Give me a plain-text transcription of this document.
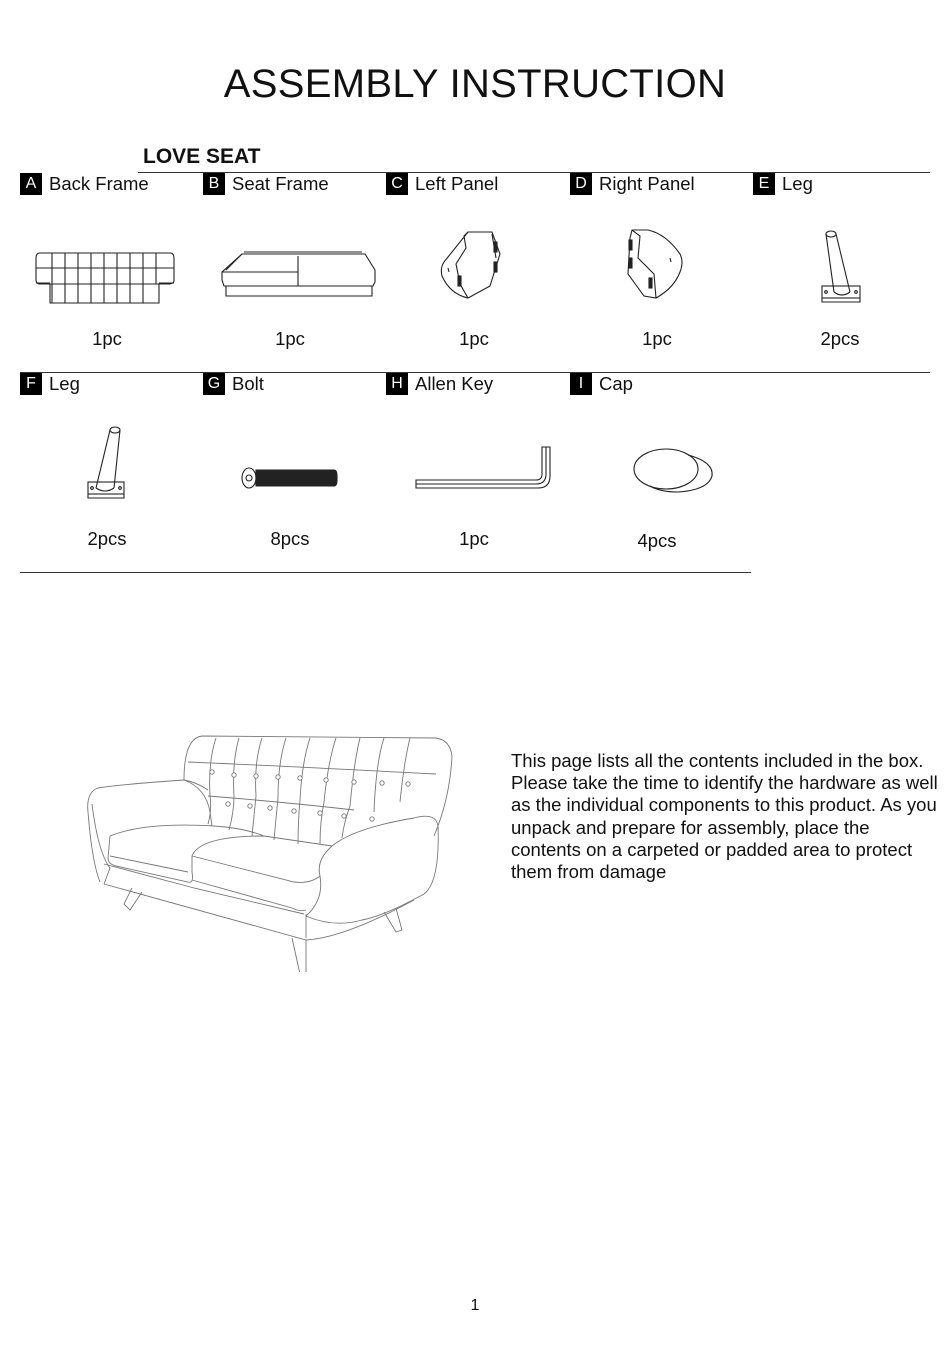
ASSEMBLY INSTRUCTION
LOVE SEAT
A Back Frame
1pc
B Seat Frame
1pc
C Left Panel
1pc
D Right Panel
1pc
E Leg
2pcs
F Leg
2pcs
G Bolt
8pcs
H Allen Key
1pc
I Cap
4pcs
This page lists all the contents included in the box. Please take the time to identify the hardware as well as the individual components to this product. As you unpack and prepare for assembly, place the contents on a carpeted or padded area to protect them from damage
1
